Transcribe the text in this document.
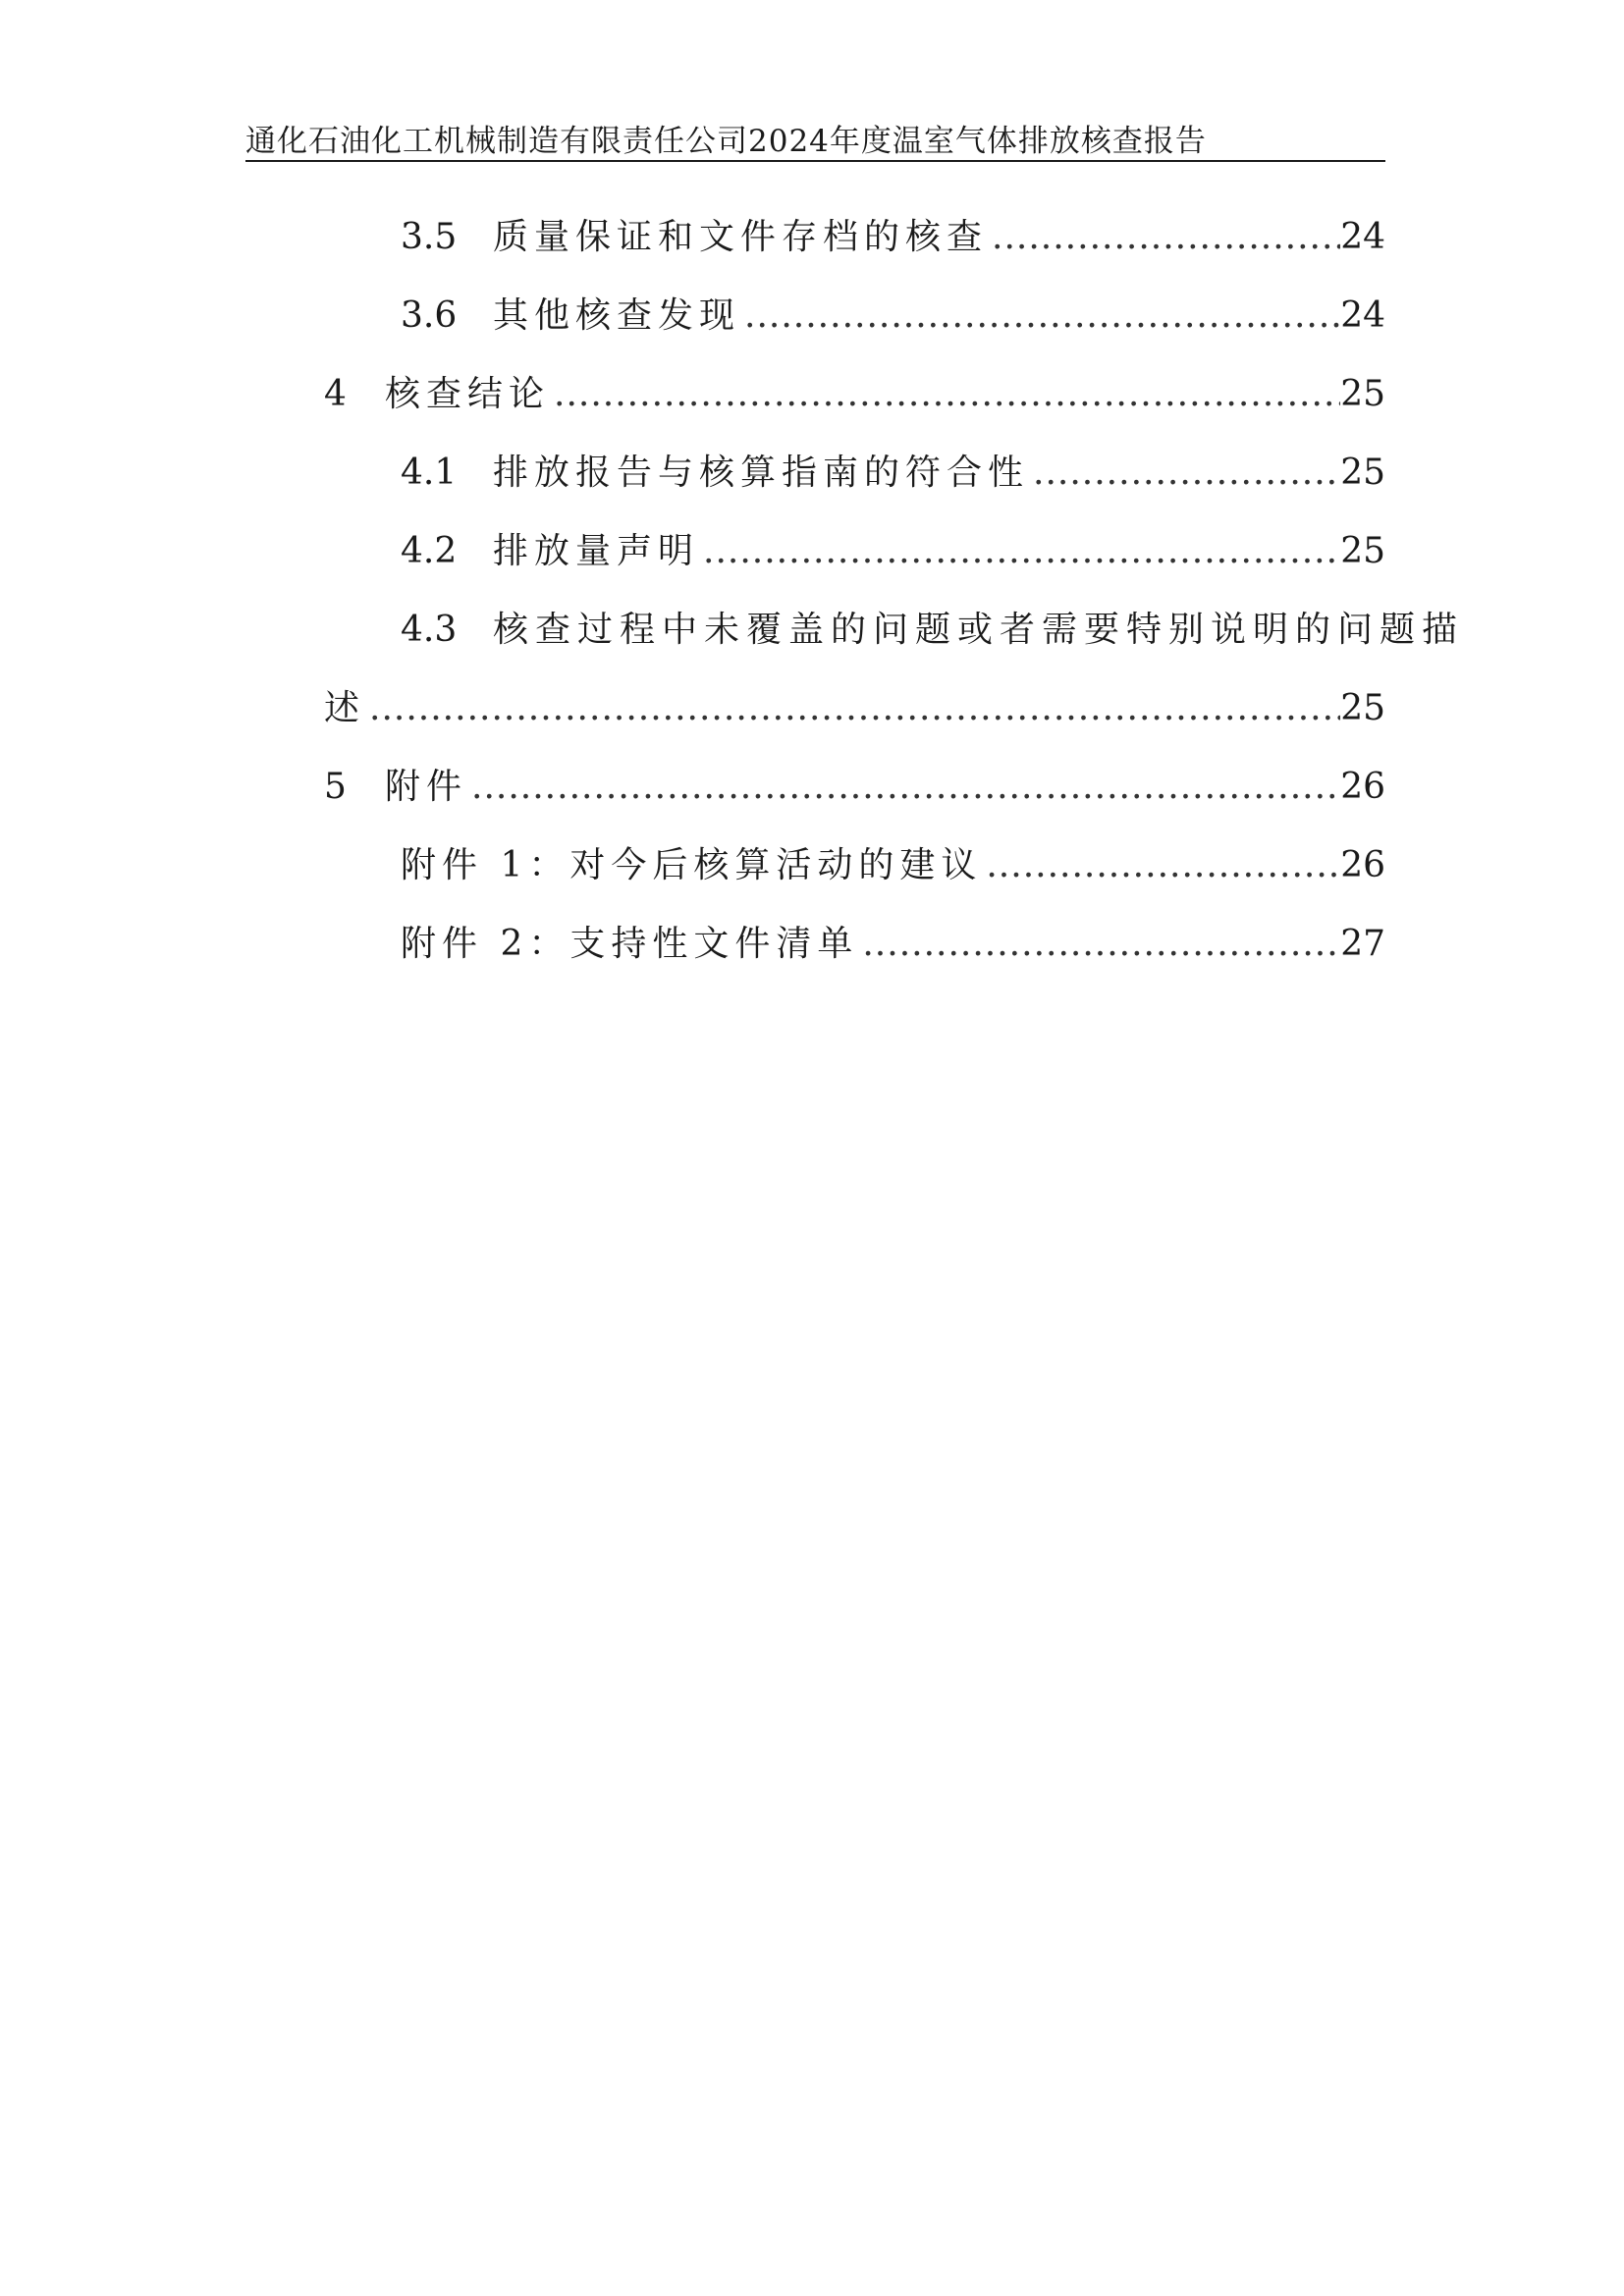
通化石油化工机械制造有限责任公司2024年度温室气体排放核查报告
3.5	质量保证和文件存档的核查 .....	24
3.6	其他核查发现 .....	24
4	核查结论 .....	25
4.1	排放报告与核算指南的符合性 .....	25
4.2	排放量声明 .....	25
4.3	核查过程中未覆盖的问题或者需要特别说明的问题描
述 .....	25
5	附件 .....	26
附件 1：对今后核算活动的建议 .....	26
附件 2：支持性文件清单 .....	27
